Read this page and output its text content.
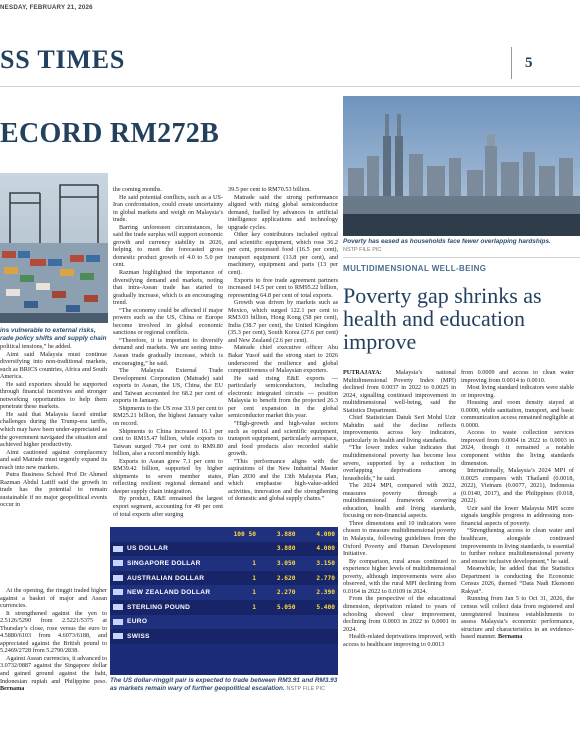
NESDAY, FEBRUARY 21, 2026
SS TIMES	5
ECORD RM272B
ins vulnerable to external risks, rade policy shifts and supply chain

political tensions,” he added.

Aimi said Malaysia must continue diversifying into non-traditional markets, such as BRICS countries, Africa and South America.

He said exporters should be supported through financial incentives and stronger networking opportunities to help them penetrate these markets.

He said that Malaysia faced similar challenges during the Trump-era tariffs, which may have been under-appreciated as the government navigated the situation and achieved higher productivity.

Aimi cautioned against complacency and said Matrade must urgently expand its reach into new markets.

Putra Business School Prof Dr Ahmed Razman Abdul Latiff said the growth in trade has the potential to remain sustainable if no major geopolitical events occur in

the coming months.

He said potential conflicts, such as a US-Iran confrontation, could create uncertainty in global markets and weigh on Malaysia’s trade.

Barring unforeseen circumstances, he said the trade surplus will support economic growth and currency stability in 2026, helping to meet the forecasted gross domestic product growth of 4.0 to 5.0 per cent.

Razman highlighted the importance of diversifying demand and markets, noting that intra-Asean trade has started to gradually increase, which is an encouraging trend.

“The economy could be affected if major powers such as the US, China or Europe become involved in global economic sanctions or regional conflicts.

“Therefore, it is important to diversify demand and markets. We are seeing intra-Asean trade gradually increase, which is encouraging,” he said.

The Malaysia External Trade Development Corporation (Matrade) said exports to Asean, the US, China, the EU and Taiwan accounted for 68.2 per cent of exports in January.

Shipments to the US rose 33.9 per cent to RM25.21 billion, the highest January value on record.

Shipments to China increased 16.1 per cent to RM15.47 billion, while exports to Taiwan surged 79.4 per cent to RM9.80 billion, also a record monthly high.

Exports to Asean grew 7.1 per cent to RM39.42 billion, supported by higher shipments to seven member states, reflecting resilient regional demand and deeper supply chain integration.

By product, E&E remained the largest export segment, accounting for 49 per cent of total exports after surging

39.5 per cent to RM70.53 billion.

Matrade said the strong performance aligned with rising global semiconductor demand, fuelled by advances in artificial intelligence applications and technology upgrade cycles.

Other key contributors included optical and scientific equipment, which rose 36.2 per cent, processed food (16.5 per cent), transport equipment (13.8 per cent), and machinery, equipment and parts (13 per cent).

Exports to free trade agreement partners increased 14.5 per cent to RM95.22 billion, representing 64.8 per cent of total exports.

Growth was driven by markets such as Mexico, which surged 122.1 per cent to RM3.03 billion, Hong Kong (58 per cent), India (38.7 per cent), the United Kingdom (35.3 per cent), South Korea (27.6 per cent) and New Zealand (2.6 per cent).

Matrade chief executive officer Abu Bakar Yusof said the strong start to 2026 underscored the resilience and global competitiveness of Malaysian exporters.

He said rising E&E exports — particularly semiconductors, including electronic integrated circuits — position Malaysia to benefit from the projected 26.3 per cent expansion in the global semiconductor market this year.

“High-growth and high-value sectors such as optical and scientific equipment, transport equipment, particularly aerospace, and food products also recorded stable growth.

“This performance aligns with the aspirations of the New Industrial Master Plan 2030 and the 13th Malaysia Plan, which emphasise high-value-added activities, innovation and the strengthening of domestic and global supply chains.”

At the opening, the ringgit traded higher against a basket of major and Asean currencies.

It strengthened against the yen to 2.5126/5290 from 2.5221/5375 at Thursday’s close, rose versus the euro to 4.5880/6103 from 4.6073/6188, and appreciated against the British pound to 5.2469/2728 from 5.2790/2838.

Against Asean currencies, it advanced to 3.0732/0887 against the Singapore dollar and gained ground against the baht, Indonesian rupiah and Philippine peso. Bernama

	100 50	3.880	4.000
US DOLLAR		3.880	4.000
SINGAPORE DOLLAR	1	3.050	3.150
AUSTRALIAN DOLLAR	1	2.620	2.770
NEW ZEALAND DOLLAR	1	2.270	2.390
STERLING POUND	1	5.050	5.400
EURO			
SWISS			
The US dollar-ringgit pair is expected to trade between RM3.91 and RM3.93 as markets remain wary of further geopolitical escalation. NSTP FILE PIC
Poverty has eased as households face fewer overlapping hardships.
NSTP FILE PIC
MULTIDIMENSIONAL WELL-BEING
Poverty gap shrinks as health and education improve

PUTRAJAYA: Malaysia’s national Multidimensional Poverty Index (MPI) declined from 0.0037 in 2022 to 0.0025 in 2024, signalling continued improvement in multidimensional well-being, said the Statistics Department.

Chief Statistician Datuk Seri Mohd Uzir Mahidin said the decline reflects improvements across key indicators, particularly in health and living standards.

“The lower index value indicates that multidimensional poverty has become less severe, supported by a reduction in overlapping deprivations among households,” he said.

The 2024 MPI, compared with 2022, measures poverty through a multidimensional framework covering education, health and living standards, focusing on non-financial aspects.

Three dimensions and 10 indicators were chosen to measure multidimensional poverty in Malaysia, following guidelines from the Oxford Poverty and Human Development Initiative.

By comparison, rural areas continued to experience higher levels of multidimensional poverty, although improvements were also observed, with the rural MPI declining from 0.0164 in 2022 to 0.0109 in 2024.

From the perspective of the educational dimension, deprivation related to years of schooling showed clear improvement, declining from 0.0003 in 2022 to 0.0001 in 2024.

Health-related deprivations improved, with access to healthcare improving to 0.0013

from 0.0009 and access to clean water improving from 0.0014 to 0.0010.

Most living standard indicators were stable or improving.

Housing and room density stayed at 0.0000, while sanitation, transport, and basic communication access remained negligible at 0.0000.

Access to waste collection services improved from 0.0004 in 2022 to 0.0003 in 2024, though it remained a notable component within the living standards dimension.

Internationally, Malaysia’s 2024 MPI of 0.0025 compares with Thailand (0.0018, 2022), Vietnam (0.0077, 2021), Indonesia (0.0140, 2017), and the Philippines (0.018, 2022).

Uzir said the lower Malaysia MPI score signals tangible progress in addressing non-financial aspects of poverty.

“Strengthening access to clean water and healthcare, alongside continued improvements in living standards, is essential to further reduce multidimensional poverty and ensure inclusive development,” he said.

Meanwhile, he added that the Statistics Department is conducting the Economic Census 2026, themed “Data Nadi Ekonomi Rakyat”.

Running from Jan 5 to Oct 31, 2026, the census will collect data from registered and unregistered business establishments to assess Malaysia’s economic performance, structure and characteristics in an evidence-based manner. Bernama
